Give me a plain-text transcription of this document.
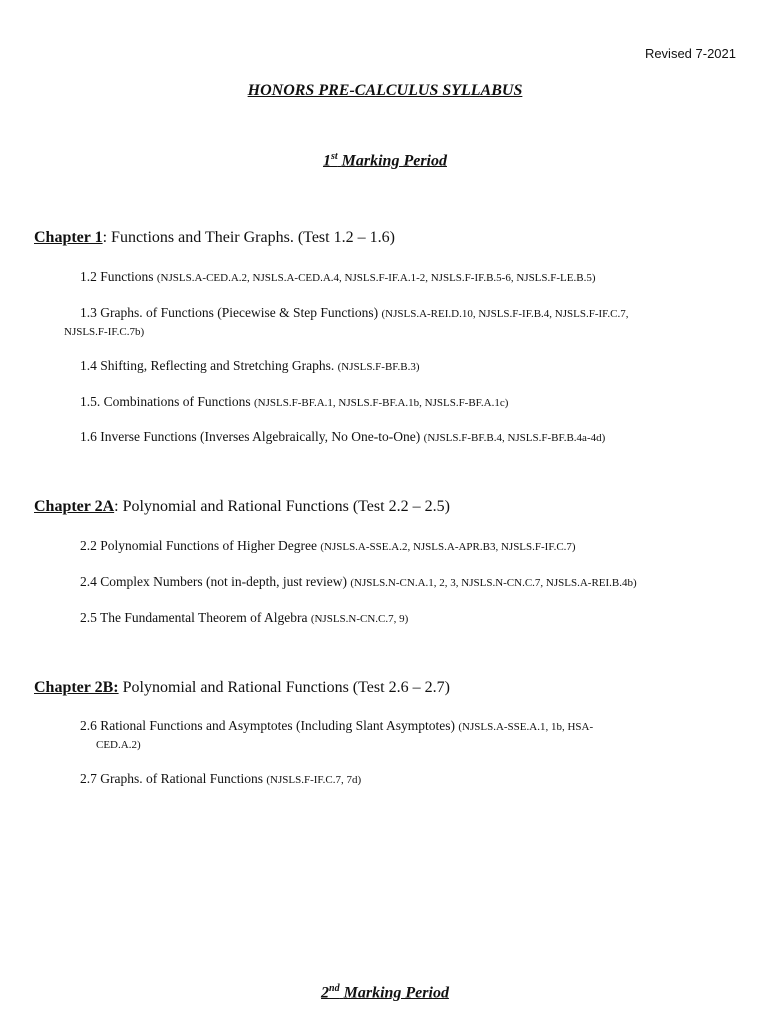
Revised 7-2021
HONORS PRE-CALCULUS SYLLABUS
1st Marking Period
Chapter 1: Functions and Their Graphs. (Test 1.2 – 1.6)
1.2 Functions (NJSLS.A-CED.A.2, NJSLS.A-CED.A.4, NJSLS.F-IF.A.1-2, NJSLS.F-IF.B.5-6, NJSLS.F-LE.B.5)
1.3 Graphs. of Functions (Piecewise & Step Functions) (NJSLS.A-REI.D.10, NJSLS.F-IF.B.4, NJSLS.F-IF.C.7,
NJSLS.F-IF.C.7b)
1.4 Shifting, Reflecting and Stretching Graphs. (NJSLS.F-BF.B.3)
1.5. Combinations of Functions (NJSLS.F-BF.A.1, NJSLS.F-BF.A.1b, NJSLS.F-BF.A.1c)
1.6 Inverse Functions (Inverses Algebraically, No One-to-One) (NJSLS.F-BF.B.4, NJSLS.F-BF.B.4a-4d)
Chapter 2A: Polynomial and Rational Functions (Test 2.2 – 2.5)
2.2 Polynomial Functions of Higher Degree (NJSLS.A-SSE.A.2, NJSLS.A-APR.B3, NJSLS.F-IF.C.7)
2.4 Complex Numbers (not in-depth, just review) (NJSLS.N-CN.A.1, 2, 3, NJSLS.N-CN.C.7, NJSLS.A-REI.B.4b)
2.5 The Fundamental Theorem of Algebra (NJSLS.N-CN.C.7, 9)
Chapter 2B: Polynomial and Rational Functions (Test 2.6 – 2.7)
2.6 Rational Functions and Asymptotes (Including Slant Asymptotes) (NJSLS.A-SSE.A.1, 1b, HSA-
CED.A.2)
2.7 Graphs. of Rational Functions (NJSLS.F-IF.C.7, 7d)
2nd Marking Period
